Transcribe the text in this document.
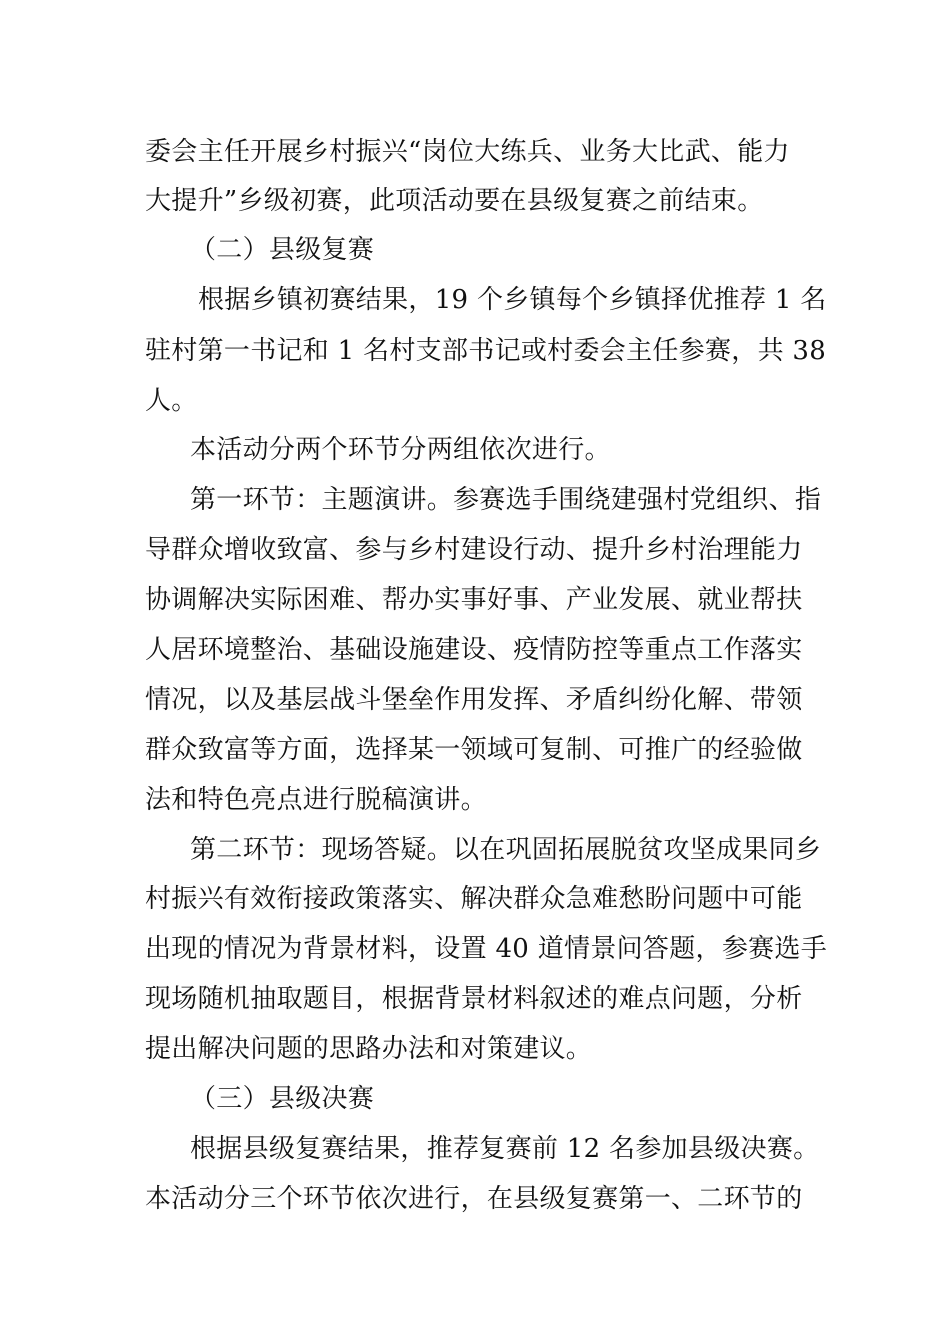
委会主任开展乡村振兴“岗位大练兵、业务大比武、能力
大提升”乡级初赛，此项活动要在县级复赛之前结束。
（二）县级复赛
根据乡镇初赛结果，19 个乡镇每个乡镇择优推荐 1 名
驻村第一书记和 1 名村支部书记或村委会主任参赛，共 38
人。
本活动分两个环节分两组依次进行。
第一环节：主题演讲。参赛选手围绕建强村党组织、指
导群众增收致富、参与乡村建设行动、提升乡村治理能力
协调解决实际困难、帮办实事好事、产业发展、就业帮扶
人居环境整治、基础设施建设、疫情防控等重点工作落实
情况，以及基层战斗堡垒作用发挥、矛盾纠纷化解、带领
群众致富等方面，选择某一领域可复制、可推广的经验做
法和特色亮点进行脱稿演讲。
第二环节：现场答疑。以在巩固拓展脱贫攻坚成果同乡
村振兴有效衔接政策落实、解决群众急难愁盼问题中可能
出现的情况为背景材料，设置 40 道情景问答题，参赛选手
现场随机抽取题目，根据背景材料叙述的难点问题，分析
提出解决问题的思路办法和对策建议。
（三）县级决赛
根据县级复赛结果，推荐复赛前 12 名参加县级决赛。
本活动分三个环节依次进行，在县级复赛第一、二环节的
